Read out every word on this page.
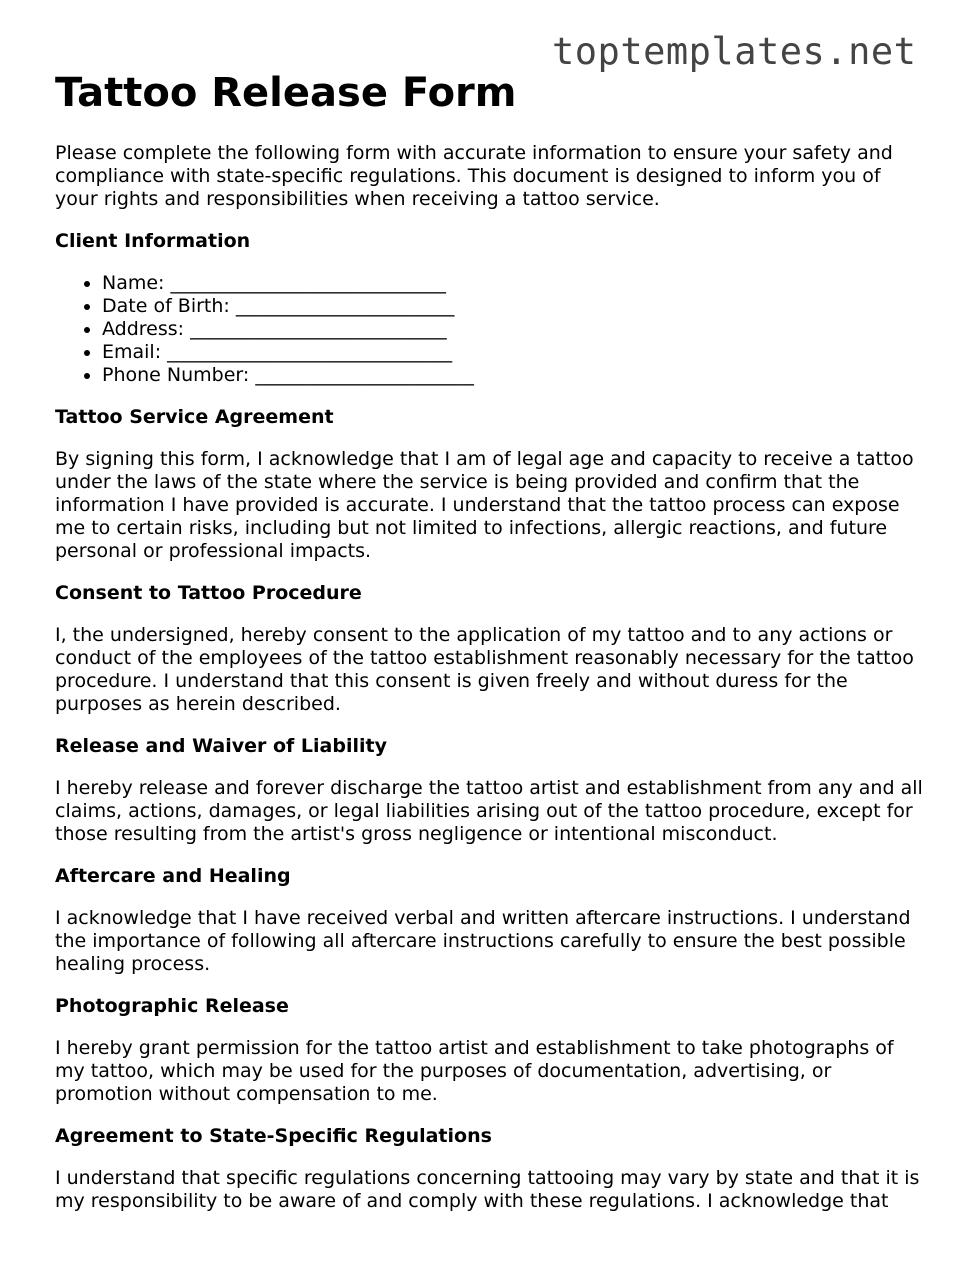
toptemplates.net
Tattoo Release Form

Please complete the following form with accurate information to ensure your safety and compliance with state-specific regulations. This document is designed to inform you of your rights and responsibilities when receiving a tattoo service.

Client Information
• Name: _____________________________
• Date of Birth: _______________________
• Address: ___________________________
• Email: ______________________________
• Phone Number: _______________________
Tattoo Service Agreement

By signing this form, I acknowledge that I am of legal age and capacity to receive a tattoo under the laws of the state where the service is being provided and confirm that the information I have provided is accurate. I understand that the tattoo process can expose me to certain risks, including but not limited to infections, allergic reactions, and future personal or professional impacts.

Consent to Tattoo Procedure

I, the undersigned, hereby consent to the application of my tattoo and to any actions or conduct of the employees of the tattoo establishment reasonably necessary for the tattoo procedure. I understand that this consent is given freely and without duress for the purposes as herein described.

Release and Waiver of Liability

I hereby release and forever discharge the tattoo artist and establishment from any and all claims, actions, damages, or legal liabilities arising out of the tattoo procedure, except for those resulting from the artist's gross negligence or intentional misconduct.

Aftercare and Healing

I acknowledge that I have received verbal and written aftercare instructions. I understand the importance of following all aftercare instructions carefully to ensure the best possible healing process.

Photographic Release

I hereby grant permission for the tattoo artist and establishment to take photographs of my tattoo, which may be used for the purposes of documentation, advertising, or promotion without compensation to me.

Agreement to State-Specific Regulations

I understand that specific regulations concerning tattooing may vary by state and that it is my responsibility to be aware of and comply with these regulations. I acknowledge that
